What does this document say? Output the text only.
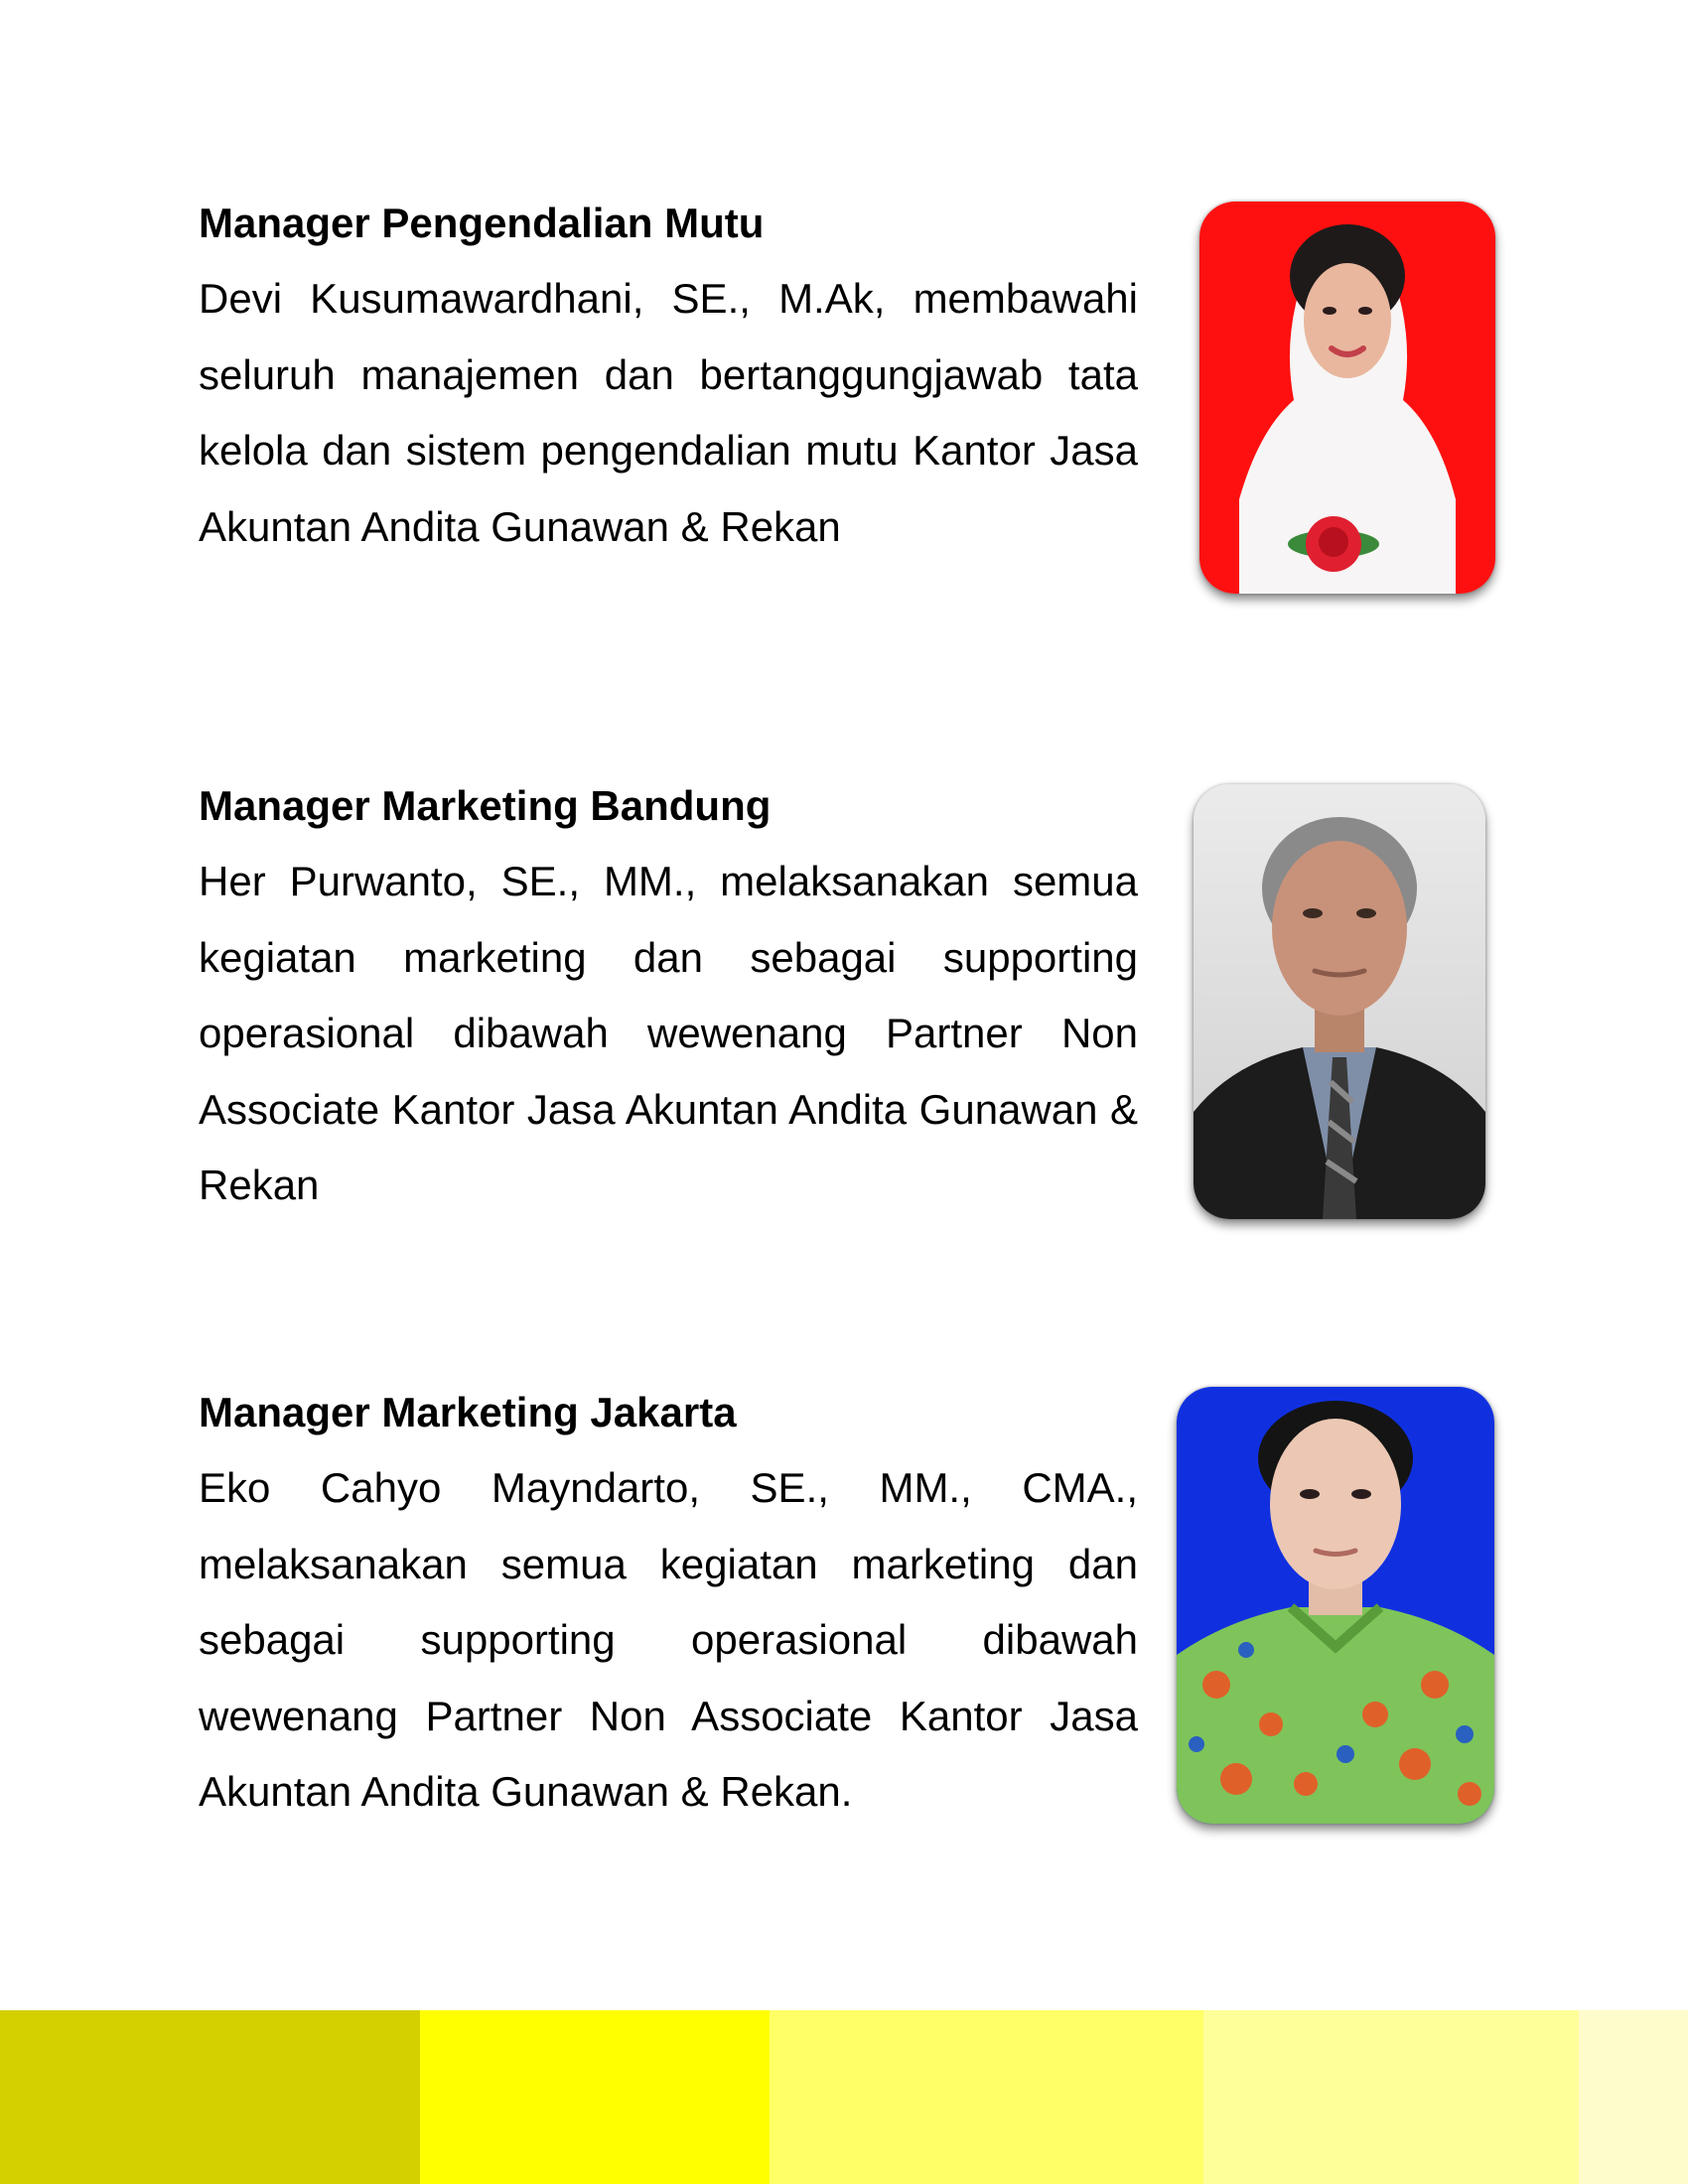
Manager Pengendalian Mutu

Devi Kusumawardhani, SE., M.Ak, membawahi seluruh manajemen dan bertanggungjawab tata kelola dan sistem pengendalian mutu Kantor Jasa Akuntan Andita Gunawan & Rekan

Manager Marketing Bandung

Her Purwanto, SE., MM., melaksanakan semua kegiatan marketing dan sebagai supporting operasional dibawah wewenang Partner Non Associate Kantor Jasa Akuntan Andita Gunawan & Rekan

Manager Marketing Jakarta

Eko Cahyo Mayndarto, SE., MM., CMA., melaksanakan semua kegiatan marketing dan sebagai supporting operasional dibawah wewenang Partner Non Associate Kantor Jasa Akuntan Andita Gunawan & Rekan.
